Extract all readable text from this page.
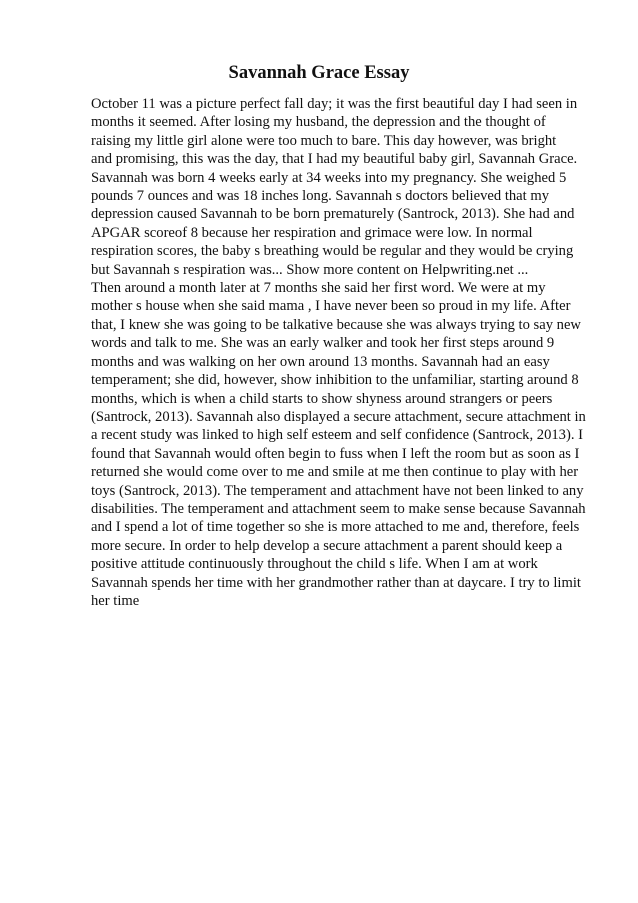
Savannah Grace Essay
October 11 was a picture perfect fall day; it was the first beautiful day I had seen in
months it seemed. After losing my husband, the depression and the thought of
raising my little girl alone were too much to bare. This day however, was bright
and promising, this was the day, that I had my beautiful baby girl, Savannah Grace.
Savannah was born 4 weeks early at 34 weeks into my pregnancy. She weighed 5
pounds 7 ounces and was 18 inches long. Savannah s doctors believed that my
depression caused Savannah to be born prematurely (Santrock, 2013). She had and
APGAR scoreof 8 because her respiration and grimace were low. In normal
respiration scores, the baby s breathing would be regular and they would be crying
but Savannah s respiration was... Show more content on Helpwriting.net ...
Then around a month later at 7 months she said her first word. We were at my
mother s house when she said mama , I have never been so proud in my life. After
that, I knew she was going to be talkative because she was always trying to say new
words and talk to me. She was an early walker and took her first steps around 9
months and was walking on her own around 13 months. Savannah had an easy
temperament; she did, however, show inhibition to the unfamiliar, starting around 8
months, which is when a child starts to show shyness around strangers or peers
(Santrock, 2013). Savannah also displayed a secure attachment, secure attachment in
a recent study was linked to high self esteem and self confidence (Santrock, 2013). I
found that Savannah would often begin to fuss when I left the room but as soon as I
returned she would come over to me and smile at me then continue to play with her
toys (Santrock, 2013). The temperament and attachment have not been linked to any
disabilities. The temperament and attachment seem to make sense because Savannah
and I spend a lot of time together so she is more attached to me and, therefore, feels
more secure. In order to help develop a secure attachment a parent should keep a
positive attitude continuously throughout the child s life. When I am at work
Savannah spends her time with her grandmother rather than at daycare. I try to limit
her time
